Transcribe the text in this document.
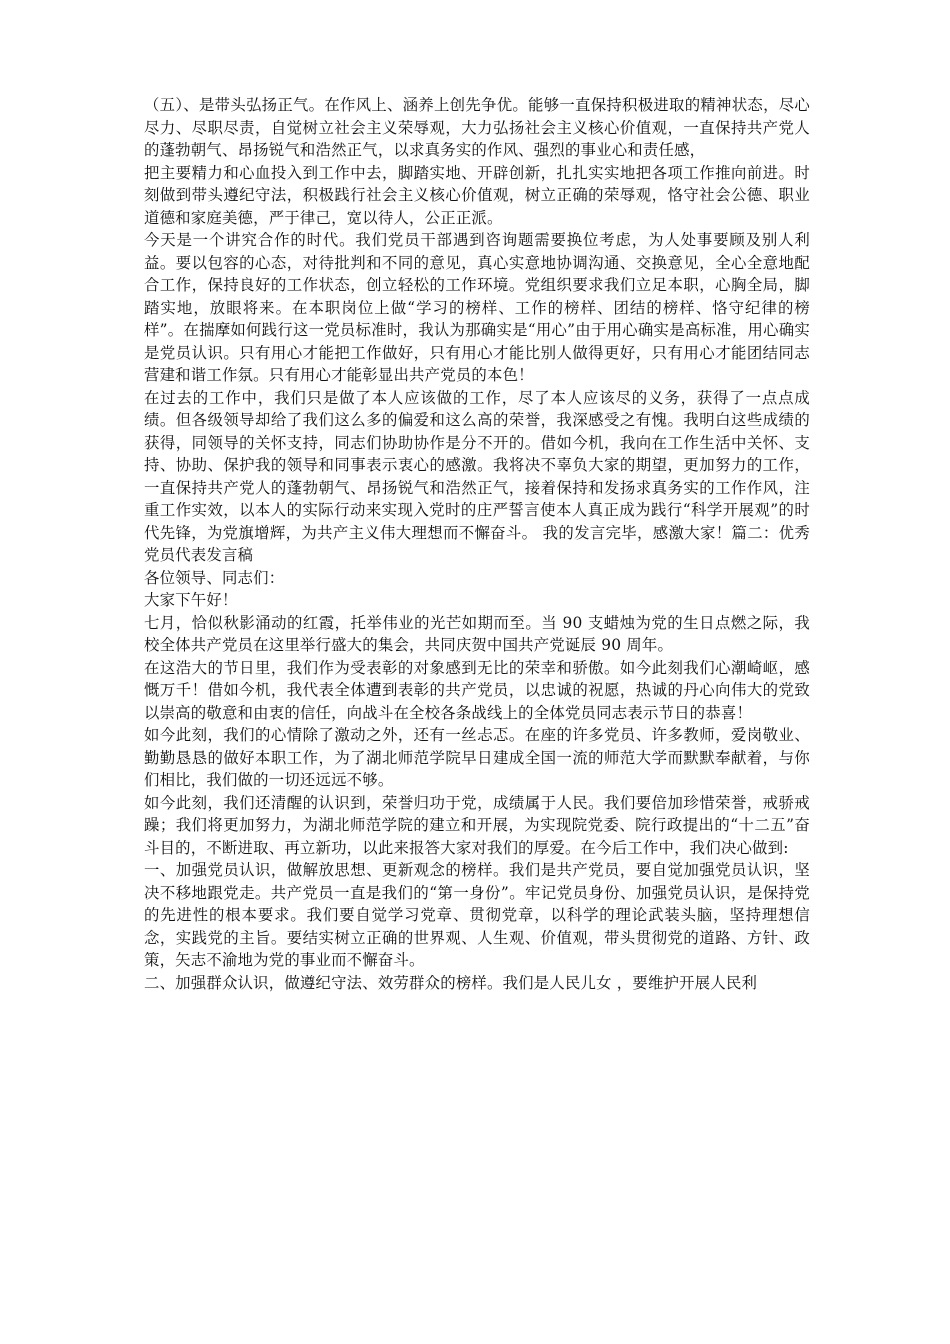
（五）、是带头弘扬正气。在作风上、涵养上创先争优。能够一直保持积极进取的精神状态，尽心尽力、尽职尽责，自觉树立社会主义荣辱观，大力弘扬社会主义核心价值观，一直保持共产党人的蓬勃朝气、昂扬锐气和浩然正气，以求真务实的作风、强烈的事业心和责任感，

把主要精力和心血投入到工作中去，脚踏实地、开辟创新，扎扎实实地把各项工作推向前进。时刻做到带头遵纪守法，积极践行社会主义核心价值观，树立正确的荣辱观，恪守社会公德、职业道德和家庭美德，严于律己，宽以待人，公正正派。

今天是一个讲究合作的时代。我们党员干部遇到咨询题需要换位考虑，为人处事要顾及别人利益。要以包容的心态，对待批判和不同的意见，真心实意地协调沟通、交换意见，全心全意地配合工作，保持良好的工作状态，创立轻松的工作环境。党组织要求我们立足本职，心胸全局，脚踏实地，放眼将来。在本职岗位上做“学习的榜样、工作的榜样、团结的榜样、恪守纪律的榜样”。在揣摩如何践行这一党员标准时，我认为那确实是“用心”由于用心确实是高标准，用心确实是党员认识。只有用心才能把工作做好，只有用心才能比别人做得更好，只有用心才能团结同志营建和谐工作氛。只有用心才能彰显出共产党员的本色！

在过去的工作中，我们只是做了本人应该做的工作，尽了本人应该尽的义务，获得了一点点成绩。但各级领导却给了我们这么多的偏爱和这么高的荣誉，我深感受之有愧。我明白这些成绩的获得，同领导的关怀支持，同志们协助协作是分不开的。借如今机，我向在工作生活中关怀、支持、协助、保护我的领导和同事表示衷心的感激。我将决不辜负大家的期望，更加努力的工作，一直保持共产党人的蓬勃朝气、昂扬锐气和浩然正气，接着保持和发扬求真务实的工作作风，注重工作实效，以本人的实际行动来实现入党时的庄严誓言使本人真正成为践行“科学开展观”的时代先锋，为党旗增辉，为共产主义伟大理想而不懈奋斗。 我的发言完毕，感激大家！篇二：优秀党员代表发言稿

各位领导、同志们：

大家下午好！

七月，恰似秋影涌动的红霞，托举伟业的光芒如期而至。当 90 支蜡烛为党的生日点燃之际，我校全体共产党员在这里举行盛大的集会，共同庆贺中国共产党诞辰 90 周年。

在这浩大的节日里，我们作为受表彰的对象感到无比的荣幸和骄傲。如今此刻我们心潮崎岖，感慨万千！借如今机，我代表全体遭到表彰的共产党员，以忠诚的祝愿，热诚的丹心向伟大的党致以崇高的敬意和由衷的信任，向战斗在全校各条战线上的全体党员同志表示节日的恭喜！

如今此刻，我们的心情除了激动之外，还有一丝忐忑。在座的许多党员、许多教师，爱岗敬业、勤勤恳恳的做好本职工作，为了湖北师范学院早日建成全国一流的师范大学而默默奉献着，与你们相比，我们做的一切还远远不够。

如今此刻，我们还清醒的认识到，荣誉归功于党，成绩属于人民。我们要倍加珍惜荣誉，戒骄戒躁；我们将更加努力，为湖北师范学院的建立和开展，为实现院党委、院行政提出的“十二五”奋斗目的，不断进取、再立新功，以此来报答大家对我们的厚爱。在今后工作中，我们决心做到:

一、加强党员认识，做解放思想、更新观念的榜样。我们是共产党员，要自觉加强党员认识，坚决不移地跟党走。共产党员一直是我们的“第一身份”。牢记党员身份、加强党员认识，是保持党的先进性的根本要求。我们要自觉学习党章、贯彻党章，以科学的理论武装头脑，坚持理想信念，实践党的主旨。要结实树立正确的世界观、人生观、价值观，带头贯彻党的道路、方针、政策，矢志不渝地为党的事业而不懈奋斗。

二、加强群众认识，做遵纪守法、效劳群众的榜样。我们是人民儿女 ，要维护开展人民利
